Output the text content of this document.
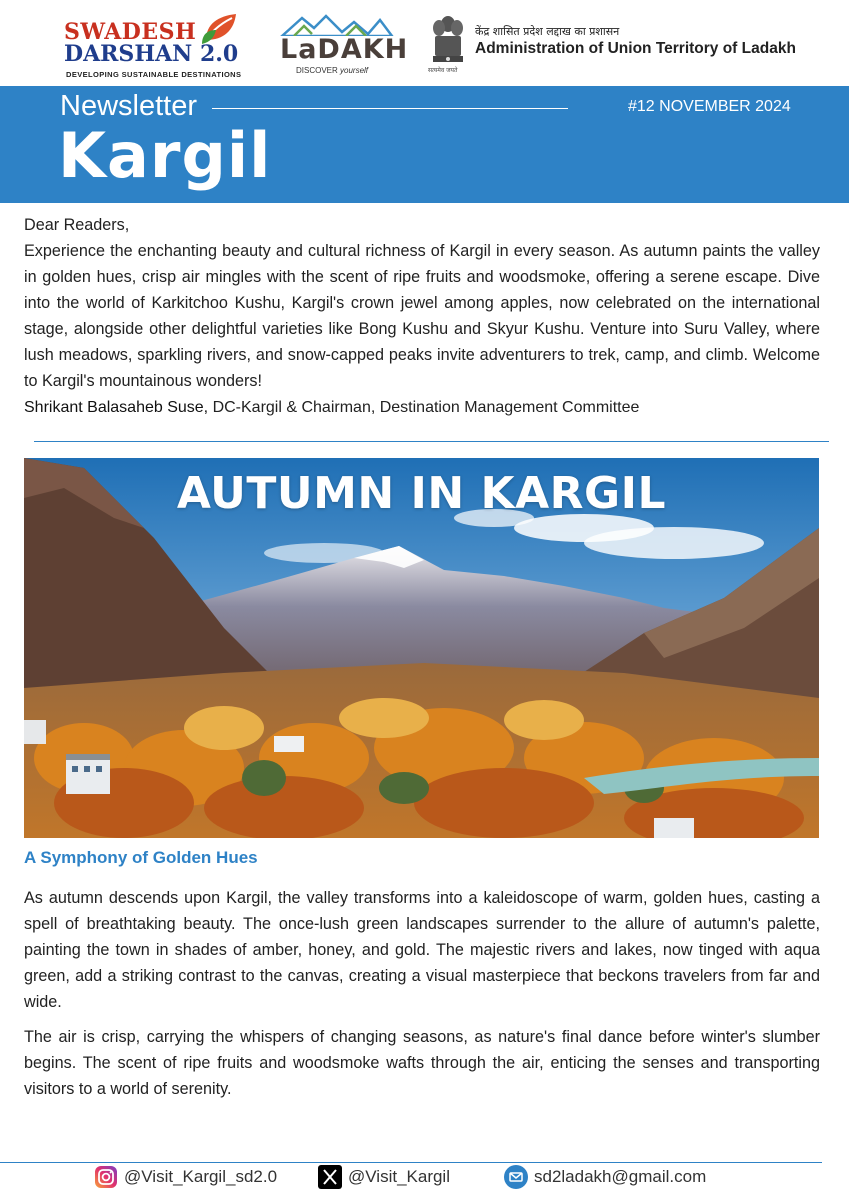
SWADESH
DARSHAN 2.0
DEVELOPING SUSTAINABLE DESTINATIONS
LaDAKH
DISCOVER yourself	सत्यमेव जयते
केंद्र शासित प्रदेश लद्दाख का प्रशासन
Administration of Union Territory of Ladakh
Newsletter	#12 NOVEMBER 2024
Kargil
Dear Readers,
Experience the enchanting beauty and cultural richness of Kargil in every season. As autumn paints the valley in golden hues, crisp air mingles with the scent of ripe fruits and woodsmoke, offering a serene escape. Dive into the world of Karkitchoo Kushu, Kargil's crown jewel among apples, now celebrated on the international stage, alongside other delightful varieties like Bong Kushu and Skyur Kushu. Venture into Suru Valley, where lush meadows, sparkling rivers, and snow-capped peaks invite adventurers to trek, camp, and climb. Welcome to Kargil's mountainous wonders!
Shrikant Balasaheb Suse, DC-Kargil & Chairman, Destination Management Committee
AUTUMN IN KARGIL
A Symphony of Golden Hues

As autumn descends upon Kargil, the valley transforms into a kaleidoscope of warm, golden hues, casting a spell of breathtaking beauty. The once-lush green landscapes surrender to the allure of autumn's palette, painting the town in shades of amber, honey, and gold. The majestic rivers and lakes, now tinged with aqua green, add a striking contrast to the canvas, creating a visual masterpiece that beckons travelers from far and wide.

The air is crisp, carrying the whispers of changing seasons, as nature's final dance before winter's slumber begins. The scent of ripe fruits and woodsmoke wafts through the air, enticing the senses and transporting visitors to a world of serenity.

@Visit_Kargil_sd2.0	@Visit_Kargil	sd2ladakh@gmail.com
